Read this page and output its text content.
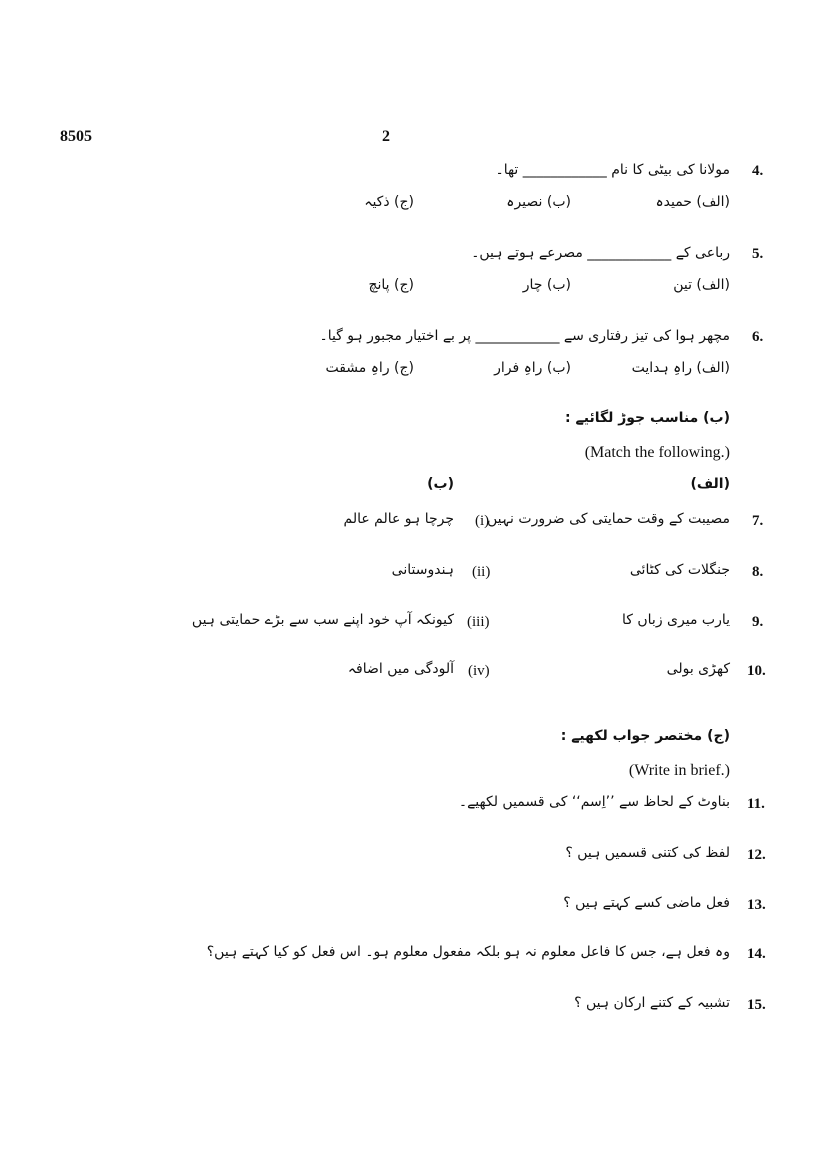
8505	2
4.
مولانا کی بیٹی کا نام ____________ تھا۔
(الف) حمیدہ
(ب) نصیرہ
(ج) ذکیہ
5.
رباعی کے ____________ مصرعے ہوتے ہیں۔
(الف) تین
(ب) چار
(ج) پانچ
6.
مچھر ہوا کی تیز رفتاری سے ____________ پر بے اختیار مجبور ہو گیا۔
(الف) راہِ ہدایت
(ب) راہِ فرار
(ج) راہِ مشقت
(ب) مناسب جوڑ لگائیے :
(Match the following.)
(الف)
(ب)
7.
مصیبت کے وقت حمایتی کی ضرورت نہیں
(i)
چرچا ہو عالم عالم
8.
جنگلات کی کٹائی
(ii)
ہندوستانی
9.
یارب میری زباں کا
(iii)
کیونکہ آپ خود اپنے سب سے بڑے حمایتی ہیں
10.
کھڑی بولی
(iv)
آلودگی میں اضافہ
(ج) مختصر جواب لکھیے :
(Write in brief.)
11.
بناوٹ کے لحاظ سے ’’اِسم‘‘ کی قسمیں لکھیے۔
12.
لفظ کی کتنی قسمیں ہیں ؟
13.
فعل ماضی کسے کہتے ہیں ؟
14.
وہ فعل ہے، جس کا فاعل معلوم نہ ہو بلکہ مفعول معلوم ہو۔ اس فعل کو کیا کہتے ہیں؟
15.
تشبیہ کے کتنے ارکان ہیں ؟
